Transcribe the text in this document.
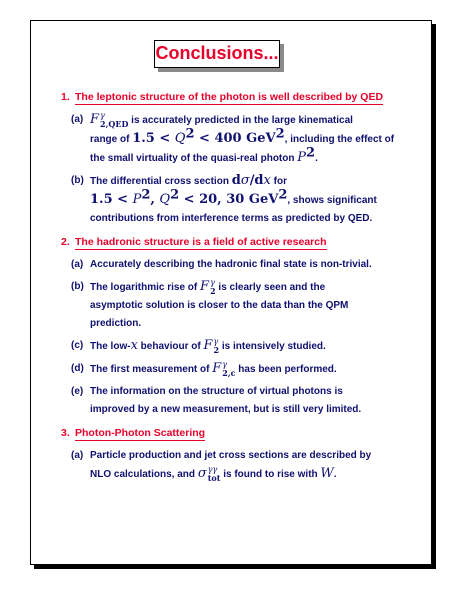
Conclusions...
1. The leptonic structure of the photon is well described by QED
(a) F γ
2,QED is accurately predicted in the large kinematical
range of $1.5 < Q^2 < 400$ GeV$^2$, including the effect of
the small virtuality of the quasi-real photon $P^2$.
(b) The differential cross section dσ/dx for
$1.5 < P^2$, $Q^2 < 20$, 30 GeV$^2$, shows significant
contributions from interference terms as predicted by QED.
2. The hadronic structure is a field of active research
(a) Accurately describing the hadronic final state is non-trivial.
(b) The logarithmic rise of F γ
2 is clearly seen and the
asymptotic solution is closer to the data than the QPM
prediction.
(c) The low-x behaviour of F γ
2 is intensively studied.
(d) The first measurement of F γ
2,c has been performed.
(e) The information on the structure of virtual photons is
improved by a new measurement, but is still very limited.
3. Photon-Photon Scattering
(a) Particle production and jet cross sections are described by
NLO calculations, and σ γγ
tot is found to rise with W.
